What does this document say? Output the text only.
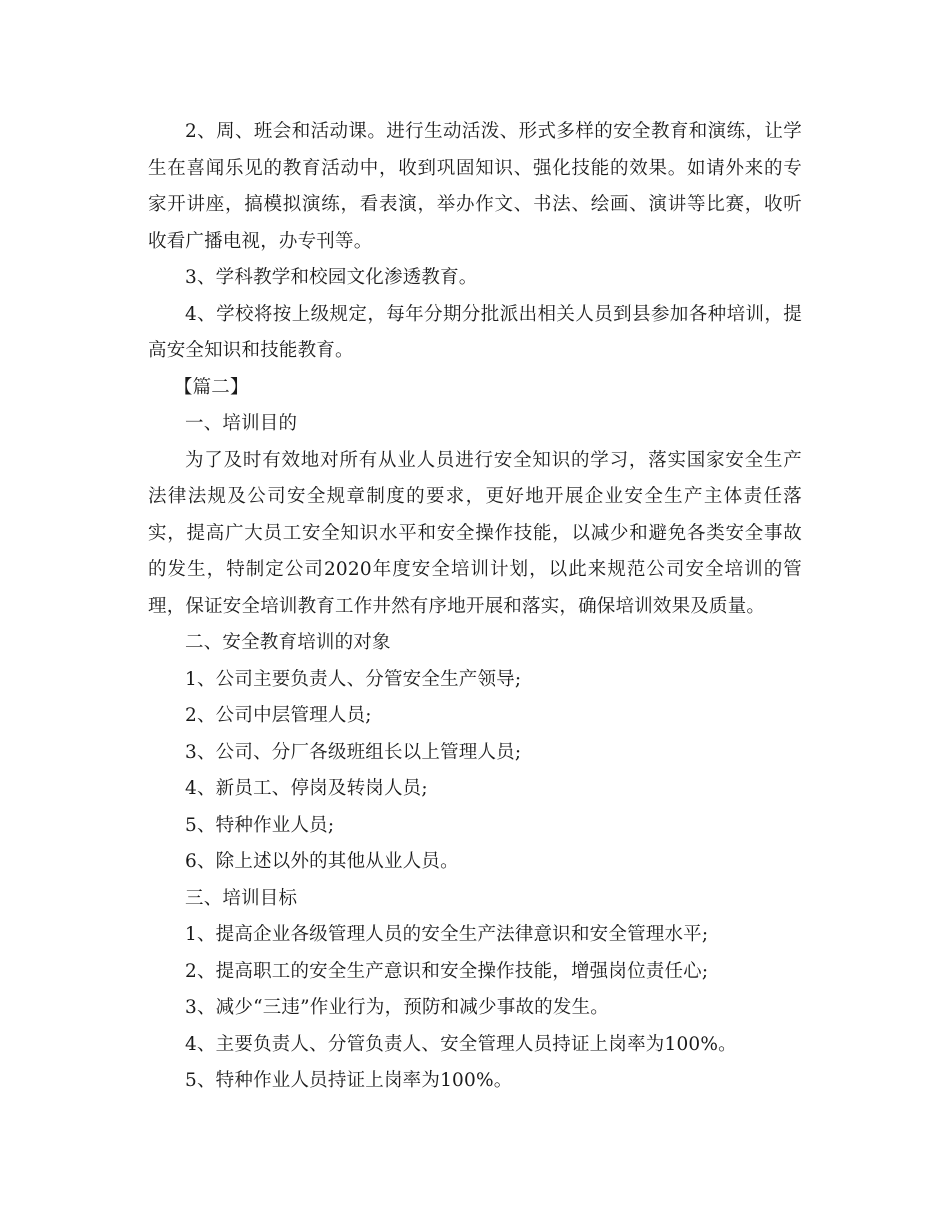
2、周、班会和活动课。进行生动活泼、形式多样的安全教育和演练，让学生在喜闻乐见的教育活动中，收到巩固知识、强化技能的效果。如请外来的专家开讲座，搞模拟演练，看表演，举办作文、书法、绘画、演讲等比赛，收听收看广播电视，办专刊等。

3、学科教学和校园文化渗透教育。

4、学校将按上级规定，每年分期分批派出相关人员到县参加各种培训，提高安全知识和技能教育。

【篇二】

一、培训目的

为了及时有效地对所有从业人员进行安全知识的学习，落实国家安全生产法律法规及公司安全规章制度的要求，更好地开展企业安全生产主体责任落实，提高广大员工安全知识水平和安全操作技能，以减少和避免各类安全事故的发生，特制定公司2020年度安全培训计划，以此来规范公司安全培训的管理，保证安全培训教育工作井然有序地开展和落实，确保培训效果及质量。

二、安全教育培训的对象

1、公司主要负责人、分管安全生产领导;

2、公司中层管理人员;

3、公司、分厂各级班组长以上管理人员;

4、新员工、停岗及转岗人员;

5、特种作业人员;

6、除上述以外的其他从业人员。

三、培训目标

1、提高企业各级管理人员的安全生产法律意识和安全管理水平;

2、提高职工的安全生产意识和安全操作技能，增强岗位责任心;

3、减少“三违”作业行为，预防和减少事故的发生。

4、主要负责人、分管负责人、安全管理人员持证上岗率为100%。

5、特种作业人员持证上岗率为100%。
